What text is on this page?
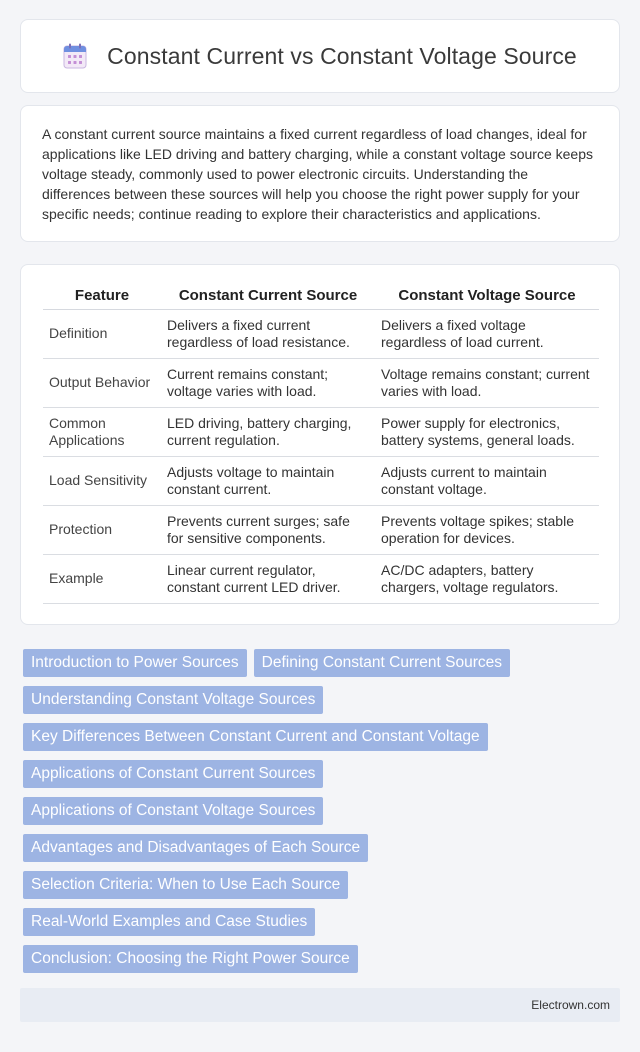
Constant Current vs Constant Voltage Source

A constant current source maintains a fixed current regardless of load changes, ideal for applications like LED driving and battery charging, while a constant voltage source keeps voltage steady, commonly used to power electronic circuits. Understanding the differences between these sources will help you choose the right power supply for your specific needs; continue reading to explore their characteristics and applications.

Feature	Constant Current Source	Constant Voltage Source
Definition	Delivers a fixed current regardless of load resistance.	Delivers a fixed voltage regardless of load current.
Output Behavior	Current remains constant; voltage varies with load.	Voltage remains constant; current varies with load.
Common Applications	LED driving, battery charging, current regulation.	Power supply for electronics, battery systems, general loads.
Load Sensitivity	Adjusts voltage to maintain constant current.	Adjusts current to maintain constant voltage.
Protection	Prevents current surges; safe for sensitive components.	Prevents voltage spikes; stable operation for devices.
Example	Linear current regulator, constant current LED driver.	AC/DC adapters, battery chargers, voltage regulators.
Introduction to Power Sources	Defining Constant Current Sources
Understanding Constant Voltage Sources
Key Differences Between Constant Current and Constant Voltage
Applications of Constant Current Sources
Applications of Constant Voltage Sources
Advantages and Disadvantages of Each Source
Selection Criteria: When to Use Each Source
Real-World Examples and Case Studies
Conclusion: Choosing the Right Power Source
Electrown.com
